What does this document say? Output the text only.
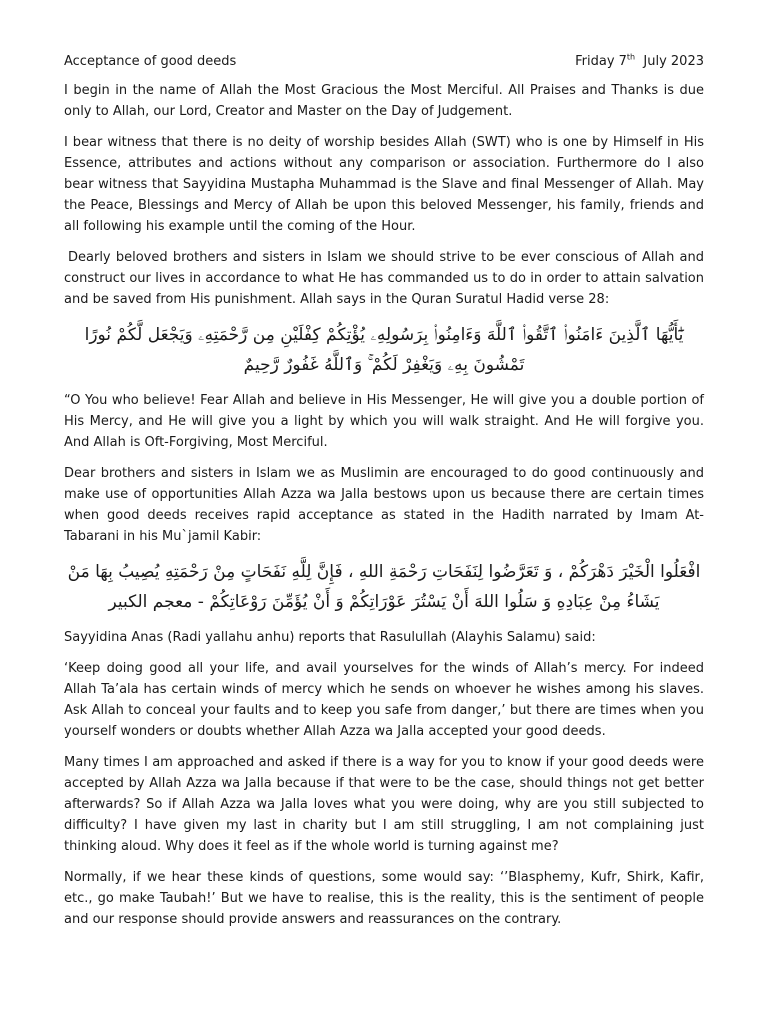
Acceptance of good deeds	Friday 7th  July 2023

I begin in the name of Allah the Most Gracious the Most Merciful. All Praises and Thanks is due only to Allah, our Lord, Creator and Master on the Day of Judgement.

I bear witness that there is no deity of worship besides Allah (SWT) who is one by Himself in His Essence, attributes and actions without any comparison or association. Furthermore do I also bear witness that Sayyidina Mustapha Muhammad is the Slave and final Messenger of Allah. May the Peace, Blessings and Mercy of Allah be upon this beloved Messenger, his family, friends and all following his example until the coming of the Hour.

Dearly beloved brothers and sisters in Islam we should strive to be ever conscious of Allah and construct our lives in accordance to what He has commanded us to do in order to attain salvation and be saved from His punishment. Allah says in the Quran Suratul Hadid verse 28:

يَٰٓأَيُّهَا ٱلَّذِينَ ءَامَنُوا۟ ٱتَّقُوا۟ ٱللَّهَ وَءَامِنُوا۟ بِرَسُولِهِۦ يُؤْتِكُمْ كِفْلَيْنِ مِن رَّحْمَتِهِۦ وَيَجْعَل لَّكُمْ نُورًا تَمْشُونَ بِهِۦ وَيَغْفِرْ لَكُمْ ۚ وَٱللَّهُ غَفُورٌ رَّحِيمٌ

“O You who believe! Fear Allah and believe in His Messenger, He will give you a double portion of His Mercy, and He will give you a light by which you will walk straight. And He will forgive you. And Allah is Oft-Forgiving, Most Merciful.

Dear brothers and sisters in Islam we as Muslimin are encouraged to do good continuously and make use of opportunities Allah Azza wa Jalla bestows upon us because there are certain times when good deeds receives rapid acceptance as stated in the Hadith narrated by Imam At-Tabarani in his Mu`jamil Kabir:

افْعَلُوا الْخَيْرَ دَهْرَكُمْ ، وَ تَعَرَّضُوا لِنَفَحَاتِ رَحْمَةِ اللهِ ، فَإِنَّ لِلَّهِ نَفَحَاتٍ مِنْ رَحْمَتِهِ يُصِيبُ بِهَا مَنْ يَشَاءُ مِنْ عِبَادِهِ وَ سَلُوا اللهَ أَنْ يَسْتُرَ عَوْرَاتِكُمْ وَ أَنْ يُؤَمِّنَ رَوْعَاتِكُمْ - معجم الكبير

Sayyidina Anas (Radi yallahu anhu) reports that Rasulullah (Alayhis Salamu) said:

‘Keep doing good all your life, and avail yourselves for the winds of Allah’s mercy. For indeed Allah Ta’ala has certain winds of mercy which he sends on whoever he wishes among his slaves. Ask Allah to conceal your faults and to keep you safe from danger,’ but there are times when you yourself wonders or doubts whether Allah Azza wa Jalla accepted your good deeds.

Many times I am approached and asked if there is a way for you to know if your good deeds were accepted by Allah Azza wa Jalla because if that were to be the case, should things not get better afterwards? So if Allah Azza wa Jalla loves what you were doing, why are you still subjected to difficulty? I have given my last in charity but I am still struggling, I am not complaining just thinking aloud. Why does it feel as if the whole world is turning against me?

Normally, if we hear these kinds of questions, some would say: ‘’Blasphemy, Kufr, Shirk, Kafir, etc., go make Taubah!’ But we have to realise, this is the reality, this is the sentiment of people and our response should provide answers and reassurances on the contrary.
